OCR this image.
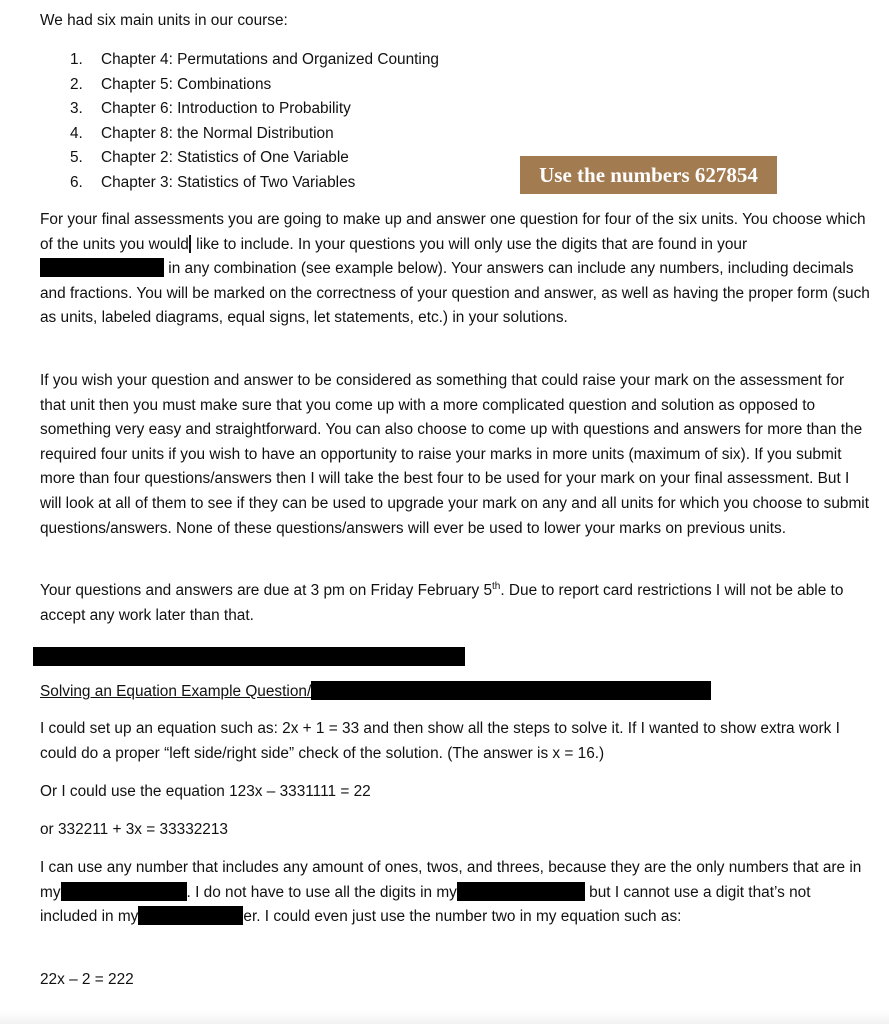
We had six main units in our course:

1. Chapter 4: Permutations and Organized Counting
2. Chapter 5: Combinations
3. Chapter 6: Introduction to Probability
4. Chapter 8: the Normal Distribution
5. Chapter 2: Statistics of One Variable
6. Chapter 3: Statistics of Two Variables	Use the numbers 627854

For your final assessments you are going to make up and answer one question for four of the six units. You choose which of the units you would like to include. In your questions you will only use the digits that are found in your in any combination (see example below). Your answers can include any numbers, including decimals and fractions. You will be marked on the correctness of your question and answer, as well as having the proper form (such as units, labeled diagrams, equal signs, let statements, etc.) in your solutions.

If you wish your question and answer to be considered as something that could raise your mark on the assessment for that unit then you must make sure that you come up with a more complicated question and solution as opposed to something very easy and straightforward. You can also choose to come up with questions and answers for more than the required four units if you wish to have an opportunity to raise your marks in more units (maximum of six). If you submit more than four questions/answers then I will take the best four to be used for your mark on your final assessment. But I will look at all of them to see if they can be used to upgrade your mark on any and all units for which you choose to submit questions/answers. None of these questions/answers will ever be used to lower your marks on previous units.

Your questions and answers are due at 3 pm on Friday February 5th. Due to report card restrictions I will not be able to accept any work later than that.

Solving an Equation Example Question/

I could set up an equation such as: 2x + 1 = 33 and then show all the steps to solve it. If I wanted to show extra work I could do a proper “left side/right side” check of the solution. (The answer is x = 16.)

Or I could use the equation 123x – 3331111 = 22

or 332211 + 3x = 33332213

I can use any number that includes any amount of ones, twos, and threes, because they are the only numbers that are in my	. I do not have to use all the digits in my	but I cannot use a digit that’s not included in my	er. I could even just use the number two in my equation such as:

22x – 2 = 222
